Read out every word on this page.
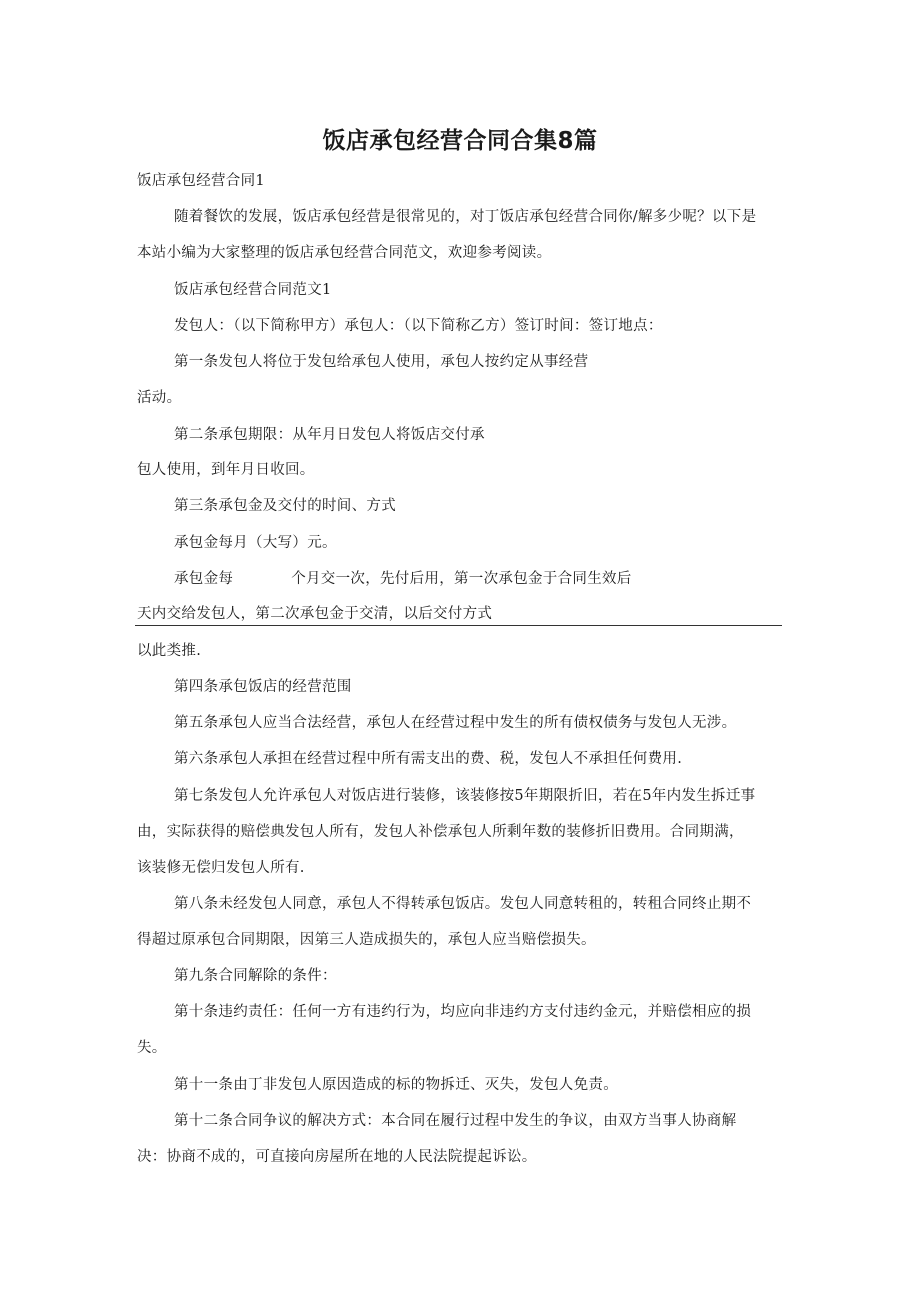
饭店承包经营合同合集8篇
饭店承包经营合同1
随着餐饮的发展，饭店承包经营是很常见的，对丁饭店承包经营合同你/解多少呢？以下是
本站小编为大家整理的饭店承包经营合同范文，欢迎参考阅读。
饭店承包经营合同范文1
发包人：（以下简称甲方）承包人：（以下简称乙方）签订时间：签订地点：
第一条发包人将位于发包给承包人使用，承包人按约定从事经营
活动。
第二条承包期限：从年月日发包人将饭店交付承
包人使用，到年月日收回。
第三条承包金及交付的时间、方式
承包金每月（大写）元。
承包金每	个月交一次，先付后用，第一次承包金于合同生效后
天内交给发包人，第二次承包金于交清，以后交付方式
以此类推.
第四条承包饭店的经营范围
第五条承包人应当合法经营，承包人在经营过程中发生的所有债权债务与发包人无涉。
第六条承包人承担在经营过程中所有需支出的费、税，发包人不承担任何费用.
第七条发包人允许承包人对饭店进行装修，该装修按5年期限折旧，若在5年内发生拆迁事
由，实际获得的赔偿典发包人所有，发包人补偿承包人所剩年数的装修折旧费用。合同期满，
该装修无偿归发包人所有.
第八条未经发包人同意，承包人不得转承包饭店。发包人同意转租的，转租合同终止期不
得超过原承包合同期限，因第三人造成损失的，承包人应当赔偿损失。
第九条合同解除的条件：
第十条违约责任：任何一方有违约行为，均应向非违约方支付违约金元，并赔偿相应的损
失。
第十一条由丁非发包人原因造成的标的物拆迁、灭失，发包人免责。
第十二条合同争议的解决方式：本合同在履行过程中发生的争议，由双方当事人协商解
决：协商不成的，可直接向房屋所在地的人民法院提起诉讼。
